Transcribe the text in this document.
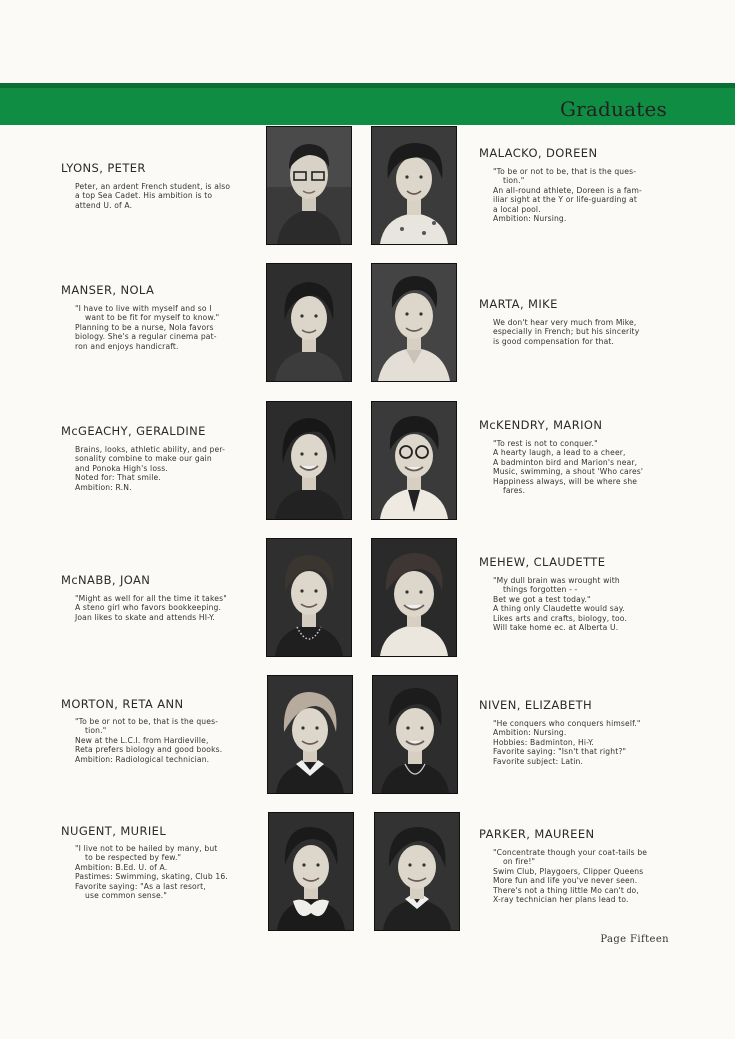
Graduates
LYONS, PETER
Peter, an ardent French student, is also
a top Sea Cadet. His ambition is to
attend U. of A.
MALACKO, DOREEN
"To be or not to be, that is the ques-
tion."
An all-round athlete, Doreen is a fam-
iliar sight at the Y or life-guarding at
a local pool.
Ambition: Nursing.
MANSER, NOLA
"I have to live with myself and so I
want to be fit for myself to know."
Planning to be a nurse, Nola favors
biology. She's a regular cinema pat-
ron and enjoys handicraft.
MARTA, MIKE
We don't hear very much from Mike,
especially in French; but his sincerity
is good compensation for that.
McGEACHY, GERALDINE
Brains, looks, athletic ability, and per-
sonality combine to make our gain
and Ponoka High's loss.
Noted for: That smile.
Ambition: R.N.
McKENDRY, MARION
"To rest is not to conquer."
A hearty laugh, a lead to a cheer,
A badminton bird and Marion's near,
Music, swimming, a shout 'Who cares'
Happiness always, will be where she
fares.
McNABB, JOAN
"Might as well for all the time it takes"
A steno girl who favors bookkeeping.
Joan likes to skate and attends HI-Y.
MEHEW, CLAUDETTE
"My dull brain was wrought with
things forgotten - -
Bet we got a test today."
A thing only Claudette would say.
Likes arts and crafts, biology, too.
Will take home ec. at Alberta U.
MORTON, RETA ANN
"To be or not to be, that is the ques-
tion."
New at the L.C.I. from Hardieville,
Reta prefers biology and good books.
Ambition: Radiological technician.
NIVEN, ELIZABETH
"He conquers who conquers himself."
Ambition: Nursing.
Hobbies: Badminton, Hi-Y.
Favorite saying: "Isn't that right?"
Favorite subject: Latin.
NUGENT, MURIEL
"I live not to be hailed by many, but
to be respected by few."
Ambition: B.Ed. U. of A.
Pastimes: Swimming, skating, Club 16.
Favorite saying: "As a last resort,
use common sense."
PARKER, MAUREEN
"Concentrate though your coat-tails be
on fire!"
Swim Club, Playgoers, Clipper Queens
More fun and life you've never seen.
There's not a thing little Mo can't do,
X-ray technician her plans lead to.
Page Fifteen
